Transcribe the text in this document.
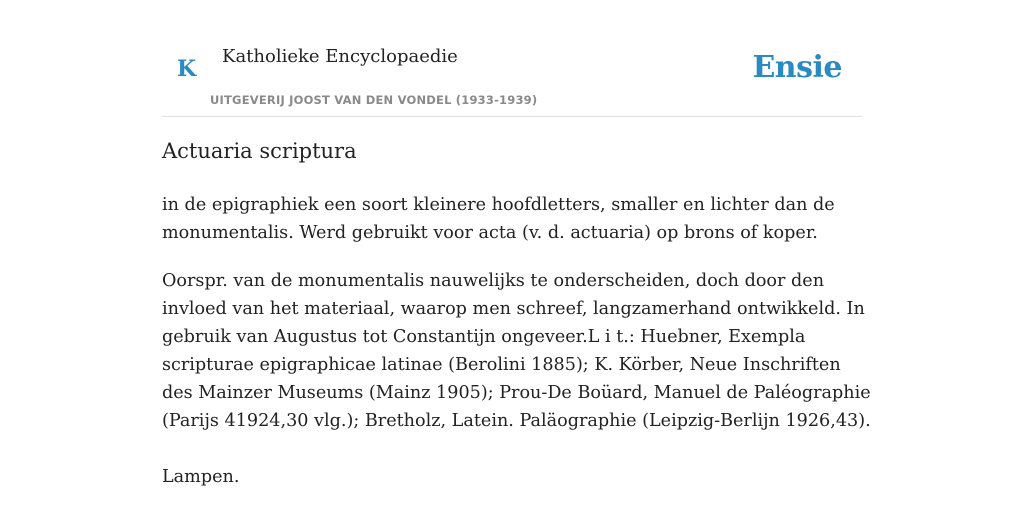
K Katholieke Encyclopaedie
UITGEVERIJ JOOST VAN DEN VONDEL (1933-1939)
Ensie
Actuaria scriptura

in de epigraphiek een soort kleinere hoofdletters, smaller en lichter dan de monumentalis. Werd gebruikt voor acta (v. d. actuaria) op brons of koper.

Oorspr. van de monumentalis nauwelijks te onderscheiden, doch door den invloed van het materiaal, waarop men schreef, langzamerhand ontwikkeld. In gebruik van Augustus tot Constantijn ongeveer.L i t.: Huebner, Exempla scripturae epigraphicae latinae (Berolini 1885); K. Körber, Neue Inschriften des Mainzer Museums (Mainz 1905); Prou-De Boüard, Manuel de Paléographie (Parijs 41924,30 vlg.); Bretholz, Latein. Paläographie (Leipzig-Berlijn 1926,43).

Lampen.
